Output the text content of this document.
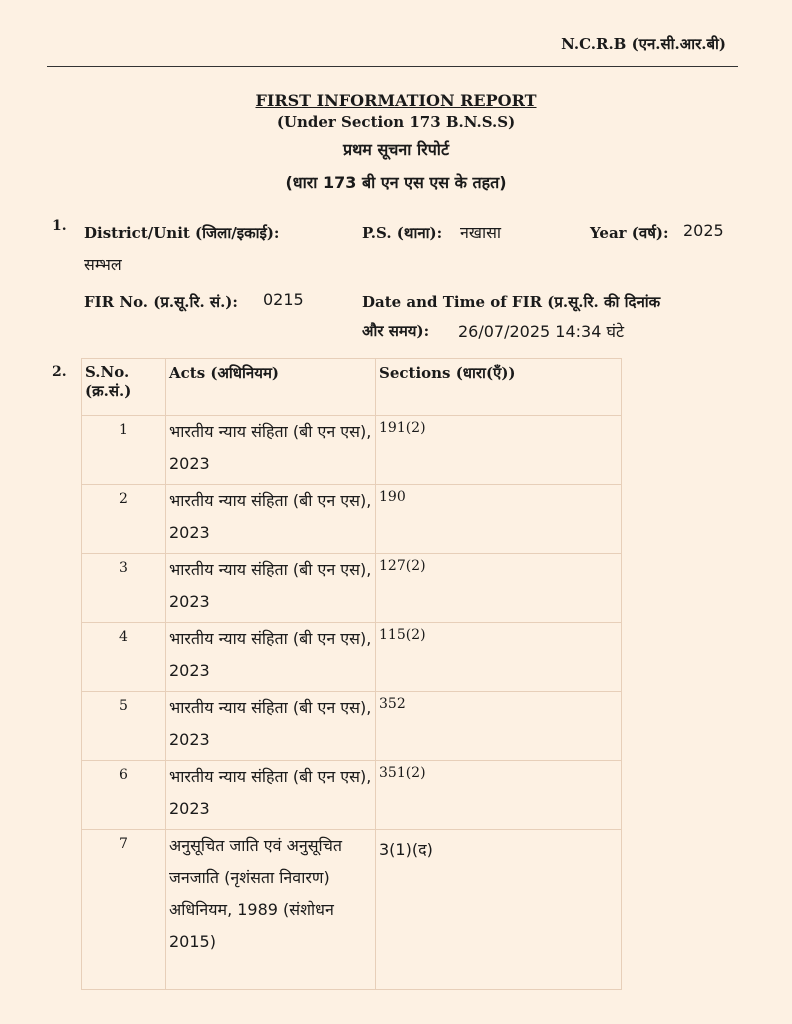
N.C.R.B (एन.सी.आर.बी)
FIRST INFORMATION REPORT
(Under Section 173 B.N.S.S)
प्रथम सूचना रिपोर्ट
(धारा 173 बी एन एस एस के तहत)
1. District/Unit (जिला/इकाई):
सम्भल
P.S. (थाना): नखासा	Year (वर्ष): 2025
FIR No. (प्र.सू.रि. सं.): 0215	Date and Time of FIR (प्र.सू.रि. की दिनांक
और समय): 26/07/2025 14:34 घंटे
2. S.No. (क्र.सं.)	Acts (अधिनियम)	Sections (धारा(एँ))
1	भारतीय न्याय संहिता (बी एन एस), 2023	191(2)
2	भारतीय न्याय संहिता (बी एन एस), 2023	190
3	भारतीय न्याय संहिता (बी एन एस), 2023	127(2)
4	भारतीय न्याय संहिता (बी एन एस), 2023	115(2)
5	भारतीय न्याय संहिता (बी एन एस), 2023	352
6	भारतीय न्याय संहिता (बी एन एस), 2023	351(2)
7	अनुसूचित जाति एवं अनुसूचित जनजाति (नृशंसता निवारण) अधिनियम, 1989 (संशोधन 2015)	3(1)(द)
